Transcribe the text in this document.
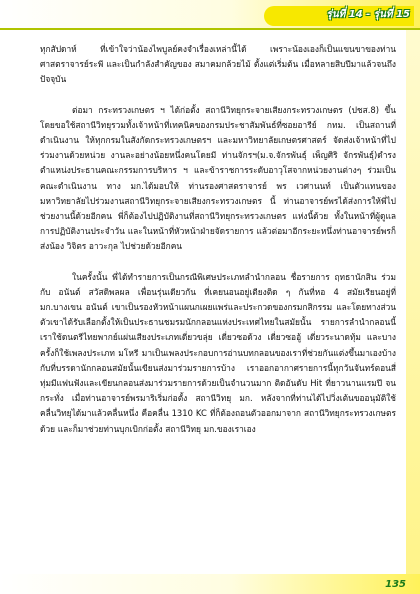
รุ่นที่ 14 - รุ่นที่ 15

ทุกสัปดาห์ ที่เข้าใจว่าน้องไพบูลย์คงจำเรื่องเหล่านี้ได้ เพราะน้องเองก็เป็นแขนขาของท่านศาสตราจารย์ระพี และเป็นกำลังสำคัญของ สมาคมกล้วยไม้ ตั้งแต่เริ่มต้น เมื่อหลายสิบปีมาแล้วจนถึงปัจจุบัน

ต่อมา กระทรวงเกษตร ฯ ได้ก่อตั้ง สถานีวิทยุกระจายเสียงกระทรวงเกษตร (ปชส.8) ขึ้น โดยขอใช้สถานีวิทยุรวมทั้งเจ้าหน้าที่เทคนิคของกรมประชาสัมพันธ์ที่ซอยอารีย์ กทม. เป็นสถานที่ดำเนินงาน ให้ทุกกรมในสังกัดกระทรวงเกษตรฯ และมหาวิทยาลัยเกษตรศาสตร์ จัดส่งเจ้าหน้าที่ไปร่วมงานด้วยหน่วย งานละอย่างน้อยหนึ่งคนโดยมี ท่านจักรฯ(ม.จ.จักรพันธุ์ เพ็ญศิริ จักรพันธุ์)ดำรงตำแหน่งประธานคณะกรรมการบริหาร ฯ และข้าราชการระดับอาวุโสจากหน่วยงานต่างๆ ร่วมเป็นคณะดำเนินงาน ทาง มก.ได้มอบให้ ท่านรองศาสตราจารย์ พร เวศานนท์ เป็นตัวแทนของมหาวิทยาลัยไปร่วมงานสถานีวิทยุกระจายเสียงกระทรวงเกษตร นี้ ท่านอาจารย์พรได้ส่งการให้พี่ไปช่วยงานนี้ด้วยอีกคน พี่ก็ต้องไปปฏิบัติงานที่สถานีวิทยุกระทรวงเกษตร แห่งนี้ด้วย ทั้งในหน้าที่ผู้ดูแลการปฏิบัติงานประจำวัน และในหน้าที่หัวหน้าฝ่ายจัดรายการ แล้วต่อมาอีกระยะหนึ่งท่านอาจารย์พรก็ส่งน้อง วิจิตร อาวะกุล ไปช่วยด้วยอีกคน

ในครั้งนั้น พี่ได้ทำรายการเป็นกรณีพิเศษประเภทลำนำกลอน ชื่อรายการ ฤทธานักสิน ร่วมกับ อนันต์ สวัสดิพลผล เพื่อนรุ่นเดียวกัน ที่เคยนอนอยู่เตียงติด ๆ กันที่หอ 4 สมัยเรียนอยู่ที่ มก.บางเขน อนันต์ เขาเป็นรองหัวหน้าแผนกเผยแพร่และประกวดของกรมกสิกรรม และโดยทางส่วนตัวเขาได้รับเลือกตั้งให้เป็นประธานชมรมนักกลอนแห่งประเทศไทยในสมัยนั้น รายการลำนำกลอนนี้ เราใช้ดนตรีไทยพากย์แผ่นเสียงประเภทเดี่ยวขลุ่ย เดี่ยวซอด้วง เดี่ยวซออู้ เดี่ยวระนาดทุ้ม และบางครั้งก็ใช้เพลงประเภท มโหรี มาเป็นเพลงประกอบการอ่านบทกลอนของเราที่ช่วยกันแต่งขึ้นมาเองบ้าง กับที่บรรดานักกลอนสมัยนั้นเขียนส่งมาร่วมรายการบ้าง เราออกอากาศรายการนี้ทุกวันจันทร์ตอนสี่ทุ่มมีแฟนฟังและเขียนกลอนส่งมาร่วมรายการด้วยเป็นจำนวนมาก ติดอันดับ Hit ที่ยาวนานแรมปี จนกระทั่ง เมื่อท่านอาจารย์พรมาริเริ่มก่อตั้ง สถานีวิทยุ มก. หลังจากที่ท่านได้ไปวิ่งเต้นขออนุมัติใช้คลื่นวิทยุได้มาแล้วคลื่นหนึ่ง คือคลื่น 1310 KC ที่ก็ต้องถอนตัวออกมาจาก สถานีวิทยุกระทรวงเกษตร ด้วย และก็มาช่วยท่านบุกเบิกก่อตั้ง สถานีวิทยุ มก.ของเราเอง

135
